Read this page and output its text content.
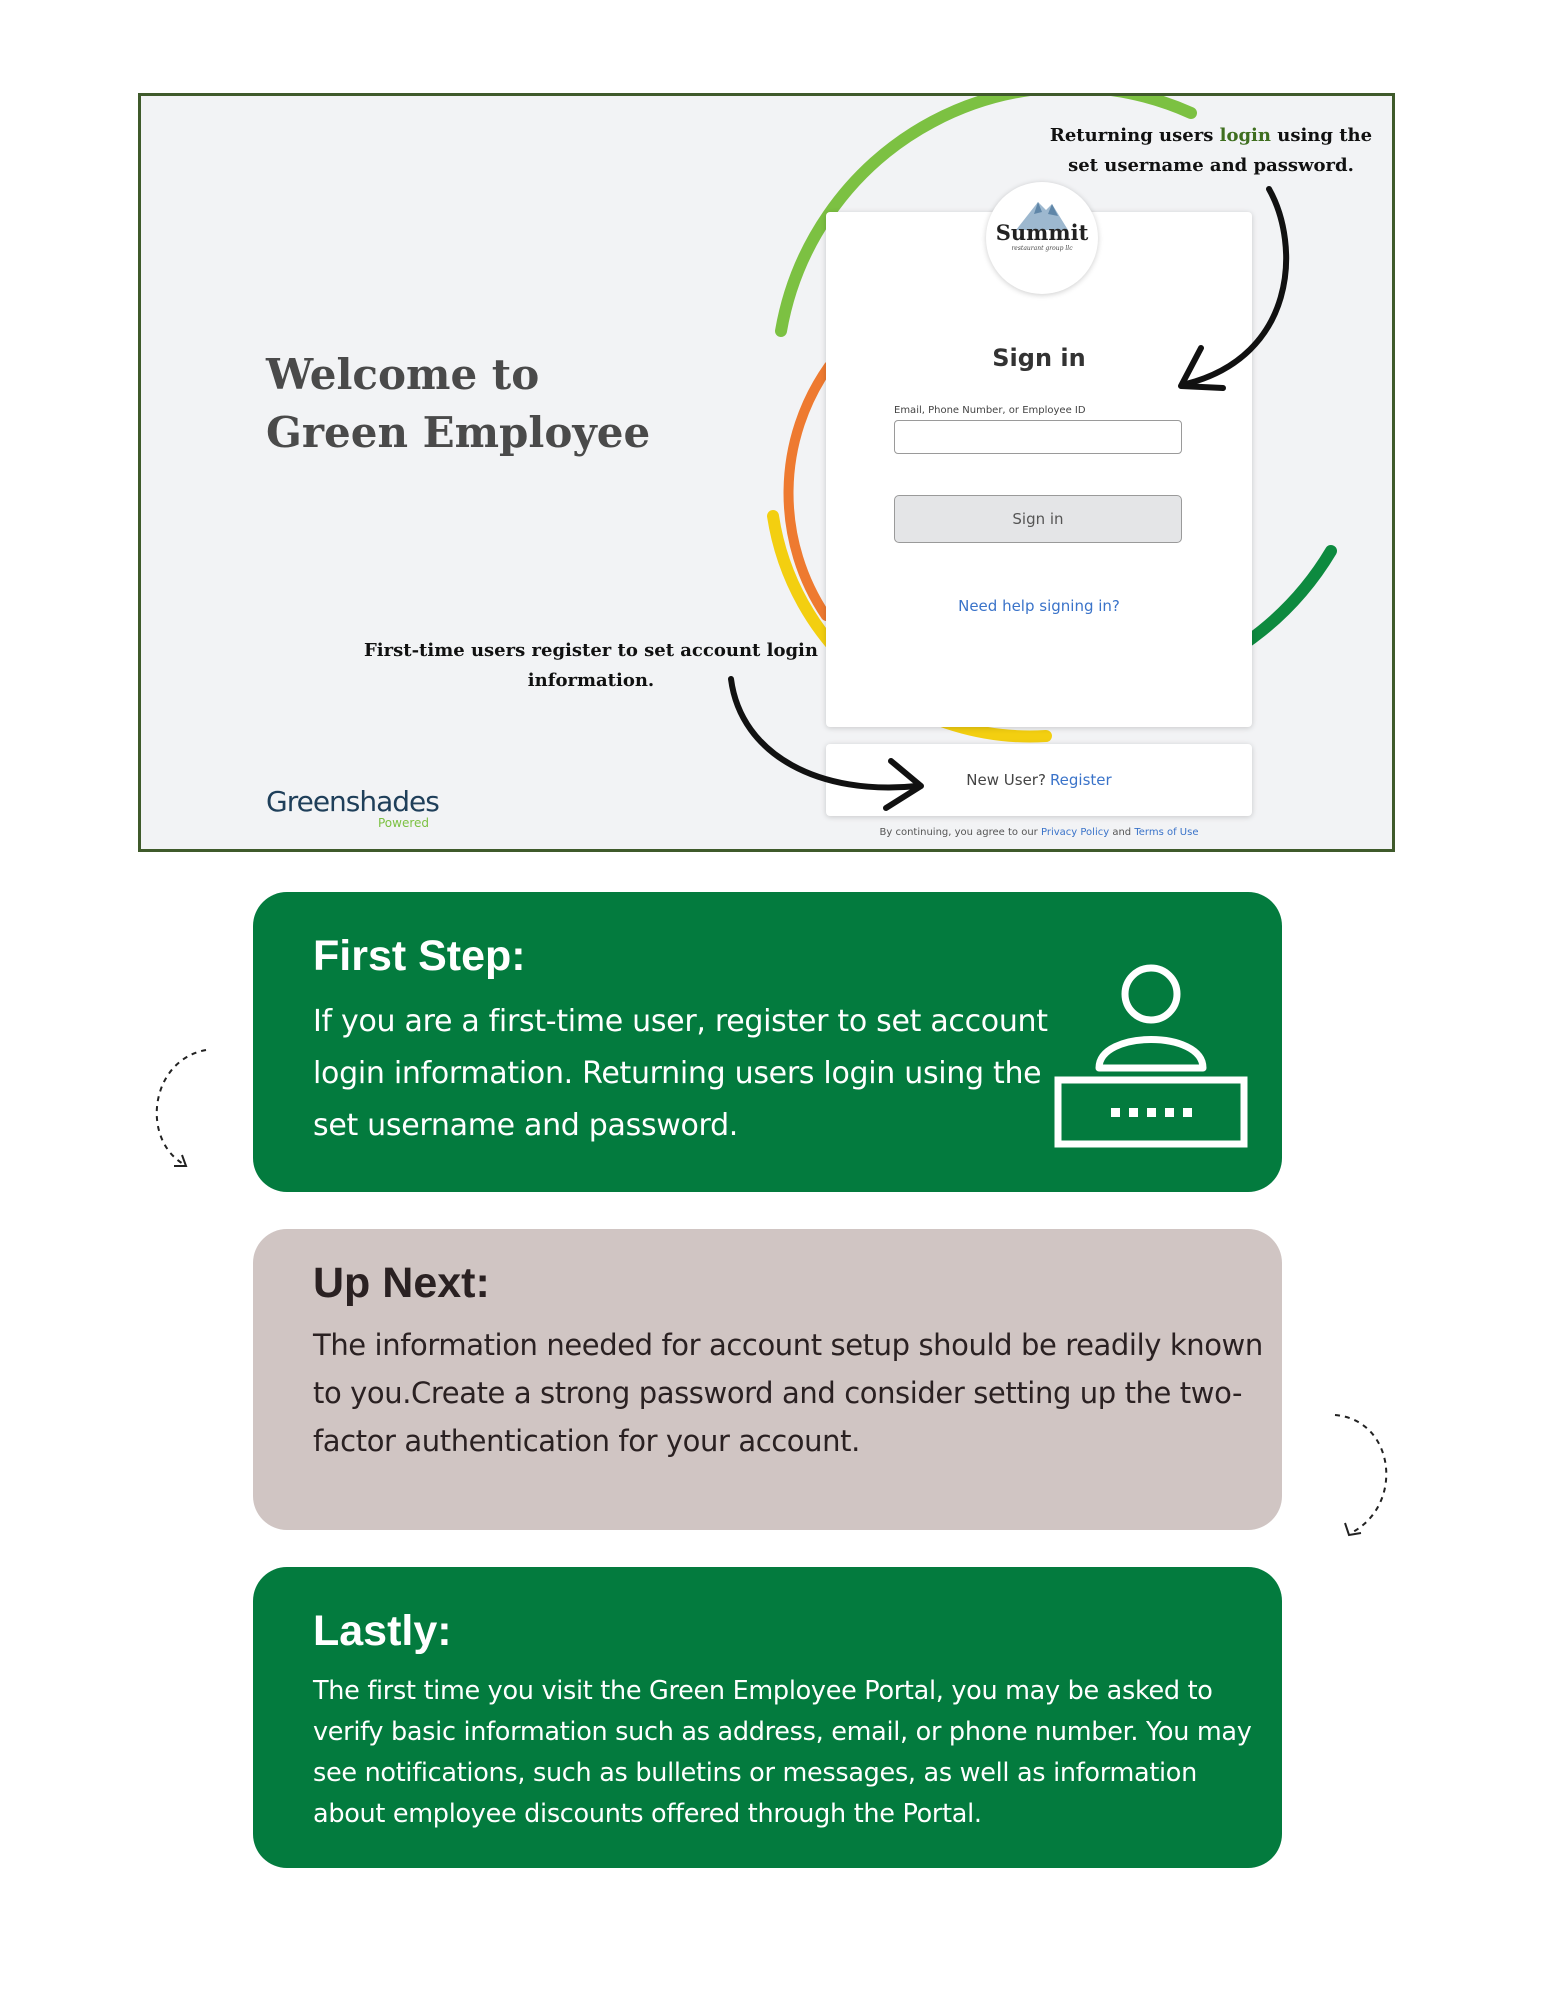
Welcome to
Green Employee
Summit
restaurant group llc
Sign in
Email, Phone Number, or Employee ID
Sign in
Need help signing in?
New User? Register
By continuing, you agree to our Privacy Policy and Terms of Use
Returning users login using the
set username and password.
First-time users register to set account login
information.
Greenshades
Powered
First Step:

If you are a first-time user, register to set account login information. Returning users login using the set username and password.

Up Next:

The information needed for account setup should be readily known to you.Create a strong password and consider setting up the two-factor authentication for your account.

Lastly:

The first time you visit the Green Employee Portal, you may be asked to verify basic information such as address, email, or phone number. You may see notifications, such as bulletins or messages, as well as information about employee discounts offered through the Portal.
